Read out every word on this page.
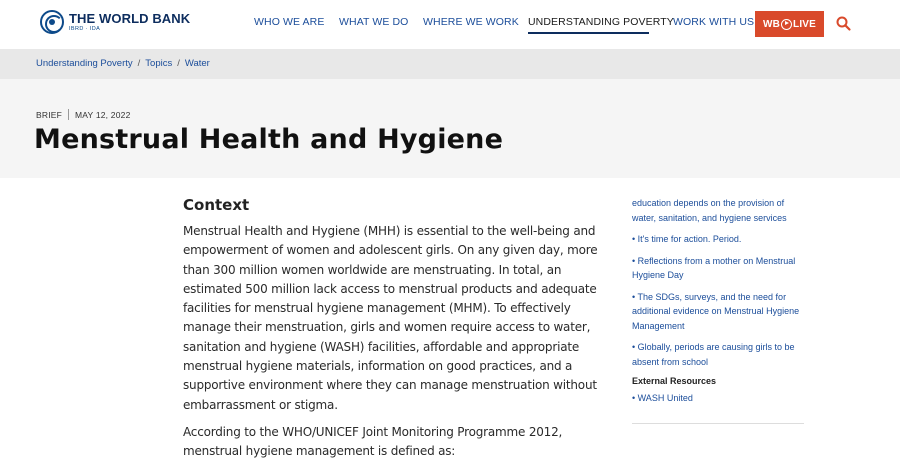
THE WORLD BANK
IBRD · IDA
WHO WE ARE WHAT WE DO WHERE WE WORK UNDERSTANDING POVERTY WORK WITH US WB LIVE
Understanding Poverty / Topics / Water
BRIEF MAY 12, 2022
Menstrual Health and Hygiene
Context

Menstrual Health and Hygiene (MHH) is essential to the well-being and empowerment of women and adolescent girls. On any given day, more than 300 million women worldwide are menstruating. In total, an estimated 500 million lack access to menstrual products and adequate facilities for menstrual hygiene management (MHM). To effectively manage their menstruation, girls and women require access to water, sanitation and hygiene (WASH) facilities, affordable and appropriate menstrual hygiene materials, information on good practices, and a supportive environment where they can manage menstruation without embarrassment or stigma.

According to the WHO/UNICEF Joint Monitoring Programme 2012, menstrual hygiene management is defined as:

education depends on the provision of water, sanitation, and hygiene services
• It's time for action. Period.
• Reflections from a mother on Menstrual Hygiene Day
• The SDGs, surveys, and the need for additional evidence on Menstrual Hygiene Management
• Globally, periods are causing girls to be absent from school
External Resources
• WASH United
